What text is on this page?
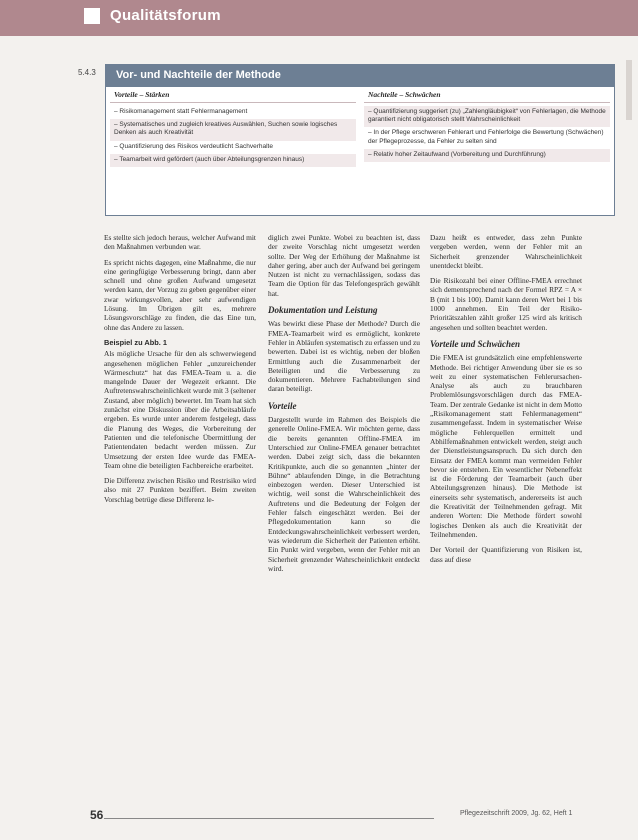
Qualitätsforum
5.4.3	Vor- und Nachteile der Methode
Vorteile – Stärken
– Risikomanagement statt Fehlermanagement
– Systematisches und zugleich kreatives Auswählen, Suchen sowie logisches Denken als auch Kreativität
– Quantifizierung des Risikos verdeutlicht Sachverhalte
– Teamarbeit wird gefördert (auch über Abteilungsgrenzen hinaus)
Nachteile – Schwächen
– Quantifizierung suggeriert (zu) „Zahlengläubigkeit“ von Fehlerlagen, die Methode garantiert nicht obligatorisch stellt Wahrscheinlichkeit
– In der Pflege erschweren Fehlerart und Fehlerfolge die Bewertung (Schwächen) der Pflegeprozesse, da Fehler zu selten sind
– Relativ hoher Zeitaufwand (Vorbereitung und Durchführung)

Es stellte sich jedoch heraus, welcher Aufwand mit den Maßnahmen verbunden war.

Es spricht nichts dagegen, eine Maßnahme, die nur eine geringfügige Verbesserung bringt, dann aber schnell und ohne großen Aufwand umgesetzt werden kann, der Vorzug zu geben gegenüber einer zwar wirkungsvollen, aber sehr aufwendigen Lösung. Im Übrigen gilt es, mehrere Lösungsvorschläge zu finden, die das Eine tun, ohne das Andere zu lassen.

Beispiel zu Abb. 1

Als mögliche Ursache für den als schwerwiegend angesehenen möglichen Fehler „unzureichender Wärmeschutz“ hat das FMEA-Team u. a. die mangelnde Dauer der Wegezeit erkannt. Die Auftretenswahrscheinlichkeit wurde mit 3 (seltener Zustand, aber möglich) bewertet. Im Team hat sich zunächst eine Diskussion über die Arbeitsabläufe ergeben. Es wurde unter anderem festgelegt, dass die Planung des Weges, die Vorbereitung der Patienten und die telefonische Übermittlung der Patientendaten bedacht werden müssen. Zur Umsetzung der ersten Idee wurde das FMEA-Team ohne die beteiligten Fachbereiche erarbeitet.

Die Differenz zwischen Risiko und Restrisiko wird also mit 27 Punkten beziffert. Beim zweiten Vorschlag betrüge diese Differenz le-

diglich zwei Punkte. Wobei zu beachten ist, dass der zweite Vorschlag nicht umgesetzt werden sollte. Der Weg der Erhöhung der Maßnahme ist daher gering, aber auch der Aufwand bei geringem Nutzen ist nicht zu vernachlässigen, sodass das Team die Option für das Telefongespräch gewählt hat.

Dokumentation und Leistung

Was bewirkt diese Phase der Methode? Durch die FMEA-Teamarbeit wird es ermöglicht, konkrete Fehler in Abläufen systematisch zu erfassen und zu bewerten. Dabei ist es wichtig, neben der bloßen Ermittlung auch die Zusammenarbeit der Beteiligten und die Verbesserung zu dokumentieren. Mehrere Fachabteilungen sind daran beteiligt.

Vorteile

Dargestellt wurde im Rahmen des Beispiels die generelle Online-FMEA. Wir möchten gerne, dass die bereits genannten Offline-FMEA im Unterschied zur Online-FMEA genauer betrachtet werden. Dabei zeigt sich, dass die bekannten Kritikpunkte, auch die so genannten „hinter der Bühne“ ablaufenden Dinge, in die Betrachtung einbezogen werden. Dieser Unterschied ist wichtig, weil sonst die Wahrscheinlichkeit des Auftretens und die Bedeutung der Folgen der Fehler falsch eingeschätzt werden. Bei der Pflegedokumentation kann so die Entdeckungswahrscheinlichkeit verbessert werden, was wiederum die Sicherheit der Patienten erhöht. Ein Punkt wird vergeben, wenn der Fehler mit an Sicherheit grenzender Wahrscheinlichkeit entdeckt wird.

Dazu heißt es entweder, dass zehn Punkte vergeben werden, wenn der Fehler mit an Sicherheit grenzender Wahrscheinlichkeit unentdeckt bleibt.

Die Risikozahl bei einer Offline-FMEA errechnet sich dementsprechend nach der Formel RPZ = A × B (mit 1 bis 100). Damit kann deren Wert bei 1 bis 1000 annehmen. Ein Teil der Risiko-Prioritätszahlen zählt großer 125 wird als kritisch angesehen und sollten beachtet werden.

Vorteile und Schwächen

Die FMEA ist grundsätzlich eine empfehlenswerte Methode. Bei richtiger Anwendung über sie es so weit zu einer systematischen Fehlerursachen-Analyse als auch zu brauchbaren Problemlösungsvorschlägen durch das FMEA-Team. Der zentrale Gedanke ist nicht in dem Motto „Risikomanagement statt Fehlermanagement“ zusammengefasst. Indem in systematischer Weise mögliche Fehlerquellen ermittelt und Abhilfemaßnahmen entwickelt werden, steigt auch der Dienstleistungsanspruch. Da sich durch den Einsatz der FMEA kommt man vermeiden Fehler bevor sie entstehen. Ein wesentlicher Nebeneffekt ist die Förderung der Teamarbeit (auch über Abteilungsgrenzen hinaus). Die Methode ist einerseits sehr systematisch, andererseits ist auch die Kreativität der Teilnehmenden gefragt. Mit anderen Worten: Die Methode fördert sowohl logisches Denken als auch die Kreativität der Teilnehmenden.

Der Vorteil der Quantifizierung von Risiken ist, dass auf diese

56	Pflegezeitschrift 2009, Jg. 62, Heft 1
